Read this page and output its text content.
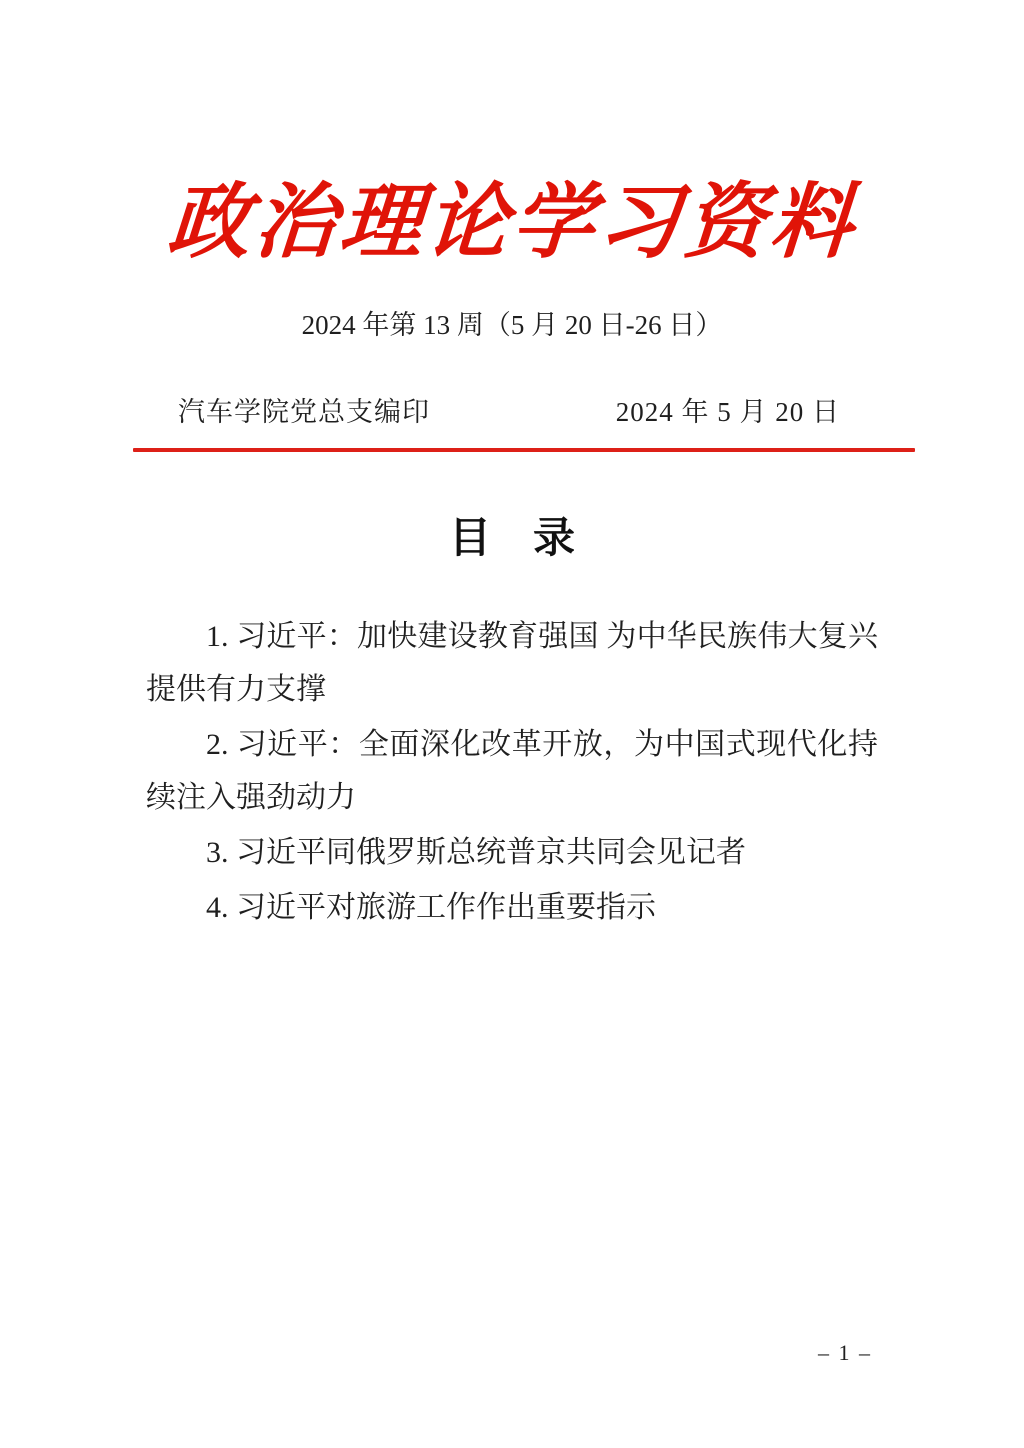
政治理论学习资料
2024 年第 13 周（5 月 20 日-26 日）
汽车学院党总支编印	2024 年 5 月 20 日
目　录

1. 习近平：加快建设教育强国 为中华民族伟大复兴提供有力支撑

2. 习近平：全面深化改革开放，为中国式现代化持续注入强劲动力

3. 习近平同俄罗斯总统普京共同会见记者

4. 习近平对旅游工作作出重要指示

– 1 –
